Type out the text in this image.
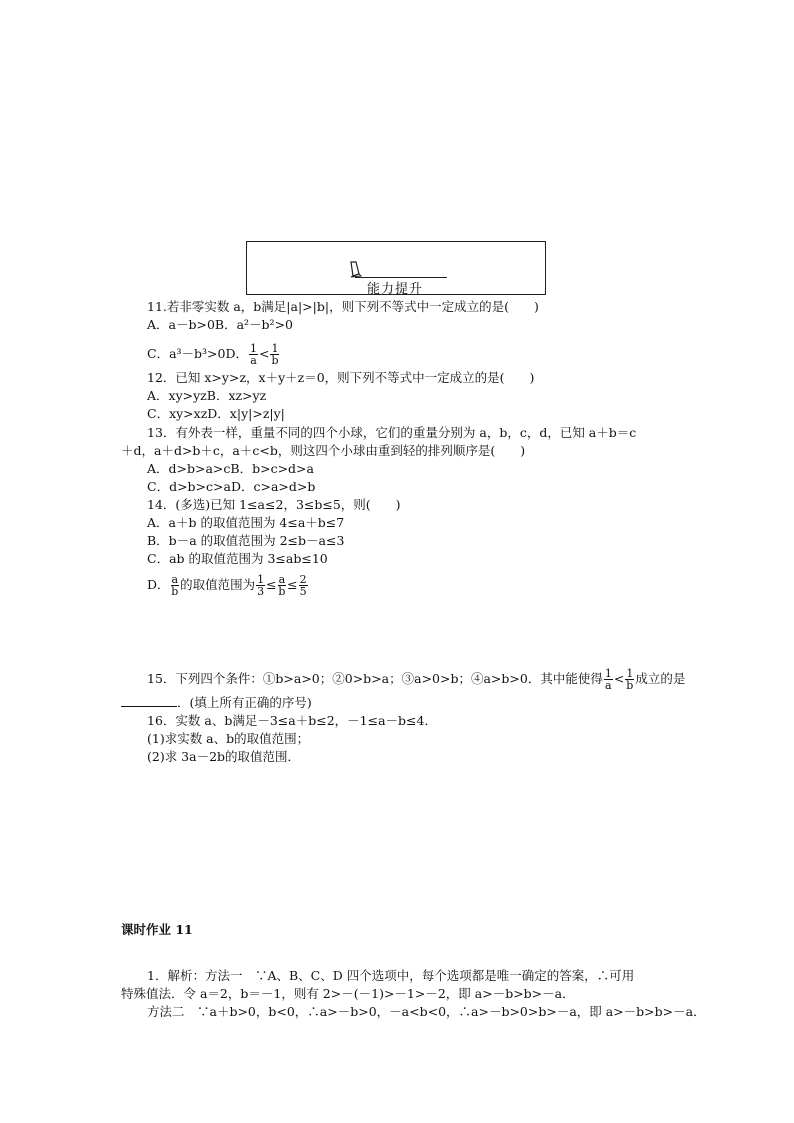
能力提升
11.若非零实数 a，b满足|a|>|b|，则下列不等式中一定成立的是(　　)
A．a－b>0B．a²－b²>0
C．a³－b³>0D． $\frac{1}{a} < \frac{1}{b}$
12．已知 x>y>z，x＋y＋z＝0，则下列不等式中一定成立的是(　　)
A．xy>yzB．xz>yz
C．xy>xzD．x|y|>z|y|
13．有外表一样，重量不同的四个小球，它们的重量分别为 a，b，c，d，已知 a＋b＝c
＋d，a＋d>b＋c，a＋c<b，则这四个小球由重到轻的排列顺序是(　　)
A．d>b>a>cB．b>c>d>a
C．d>b>c>aD．c>a>d>b
14．(多选)已知 1≤a≤2，3≤b≤5，则(　　)
A．a＋b 的取值范围为 4≤a＋b≤7
B．b－a 的取值范围为 2≤b－a≤3
C．ab 的取值范围为 3≤ab≤10
D． $\frac{a}{b}$ 的取值范围为 $\frac{1}{3} \le \frac{a}{b} \le \frac{2}{5}$
15．下列四个条件：①b>a>0；②0>b>a；③a>0>b；④a>b>0．其中能使得 $\frac{1}{a} < \frac{1}{b}$ 成立的是
．(填上所有正确的序号)
16．实数 a、b满足－3≤a＋b≤2，－1≤a－b≤4．
(1)求实数 a、b的取值范围；
(2)求 3a－2b的取值范围．
课时作业 11
1．解析：方法一　∵A、B、C、D 四个选项中，每个选项都是唯一确定的答案，∴可用
特殊值法．令 a＝2，b＝－1，则有 2>－(－1)>－1>－2，即 a>－b>b>－a．
方法二　∵a＋b>0，b<0，∴a>－b>0，－a<b<0，∴a>－b>0>b>－a，即 a>－b>b>－a．
